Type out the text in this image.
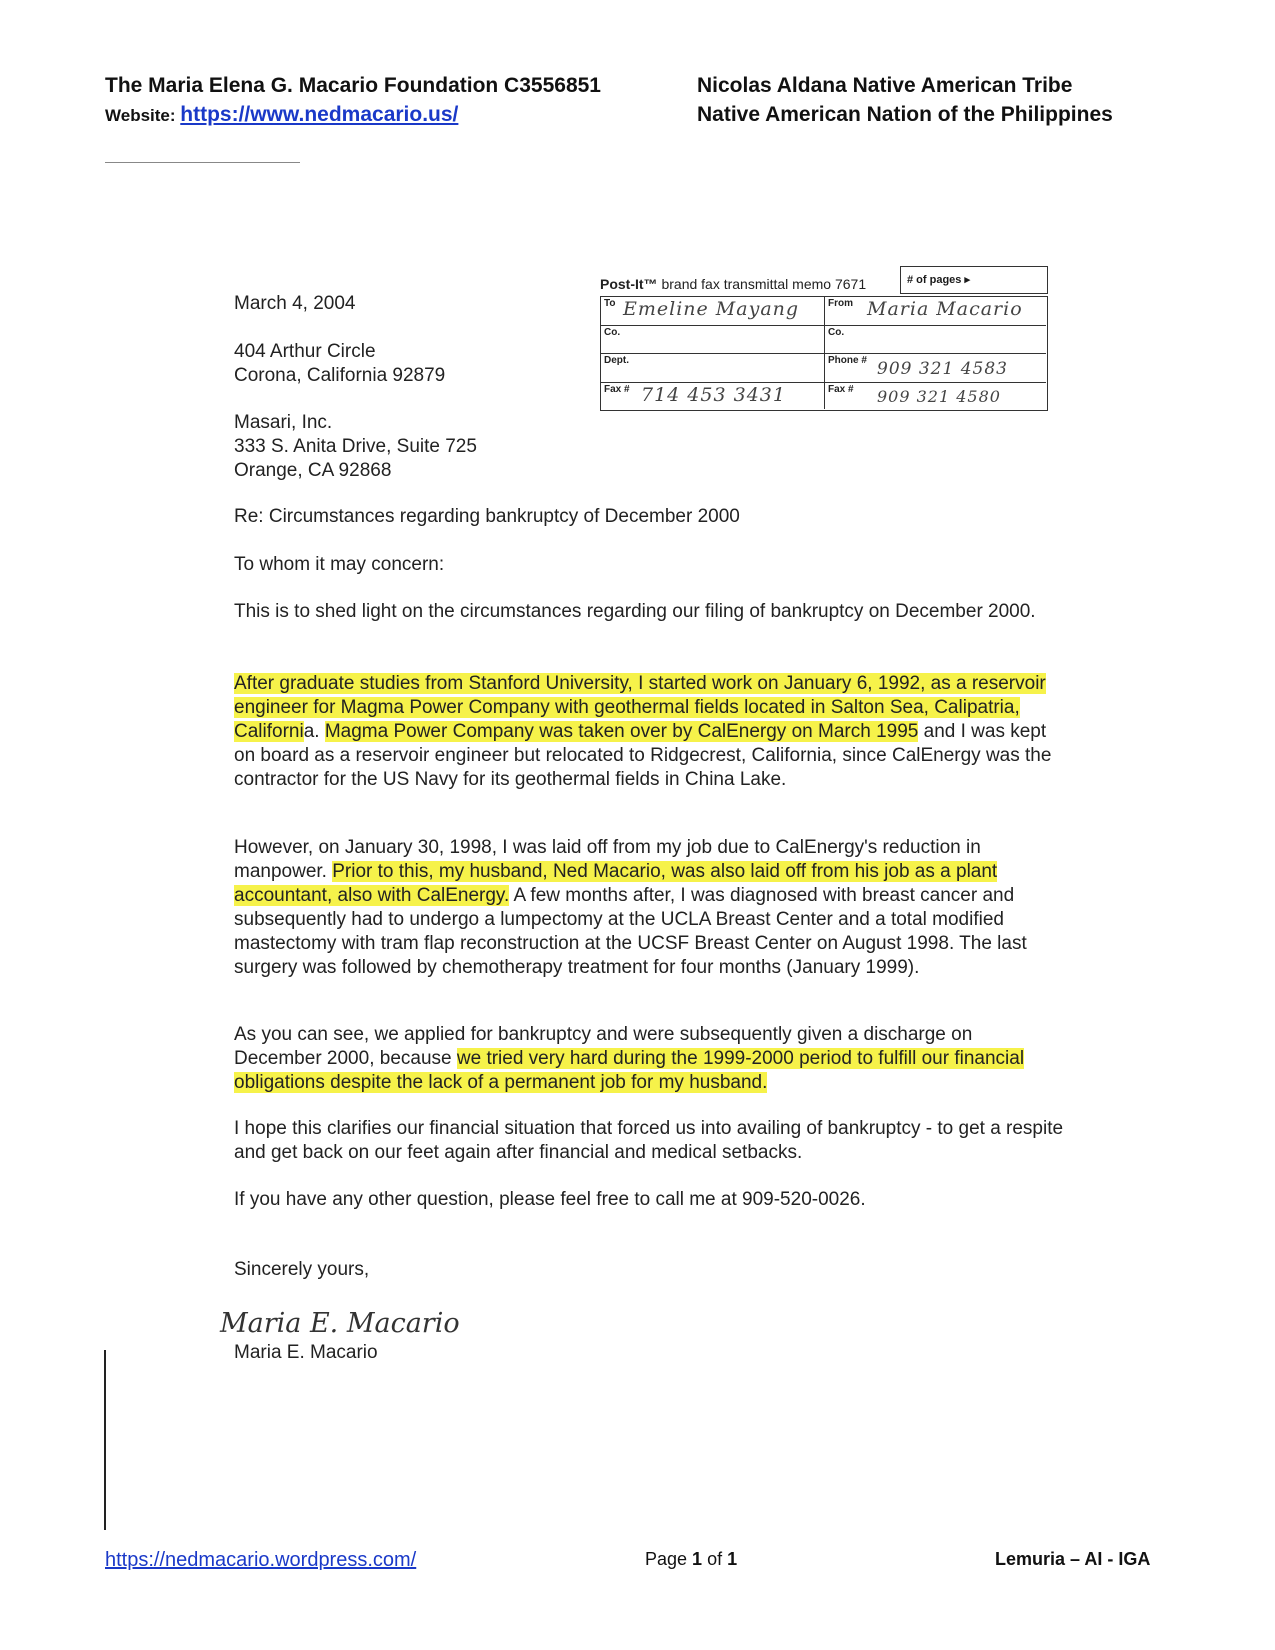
The Maria Elena G. Macario Foundation C3556851
Website: https://www.nedmacario.us/
Nicolas Aldana Native American Tribe
Native American Nation of the Philippines
Post-It™ brand fax transmittal memo 7671	# of pages ▸
To Emeline Mayang	From Maria Macario
Co.	Co.
Dept.	Phone # 909 321 4583
Fax # 714 453 3431	Fax # 909 321 4580

March 4, 2004

404 Arthur Circle

Corona, California 92879

Masari, Inc.

333 S. Anita Drive, Suite 725

Orange, CA 92868

Re: Circumstances regarding bankruptcy of December 2000

To whom it may concern:

This is to shed light on the circumstances regarding our filing of bankruptcy on December 2000.

After graduate studies from Stanford University, I started work on January 6, 1992, as a reservoir engineer for Magma Power Company with geothermal fields located in Salton Sea, Calipatria, California. Magma Power Company was taken over by CalEnergy on March 1995 and I was kept on board as a reservoir engineer but relocated to Ridgecrest, California, since CalEnergy was the contractor for the US Navy for its geothermal fields in China Lake.

However, on January 30, 1998, I was laid off from my job due to CalEnergy's reduction in manpower. Prior to this, my husband, Ned Macario, was also laid off from his job as a plant accountant, also with CalEnergy. A few months after, I was diagnosed with breast cancer and subsequently had to undergo a lumpectomy at the UCLA Breast Center and a total modified mastectomy with tram flap reconstruction at the UCSF Breast Center on August 1998. The last surgery was followed by chemotherapy treatment for four months (January 1999).

As you can see, we applied for bankruptcy and were subsequently given a discharge on December 2000, because we tried very hard during the 1999-2000 period to fulfill our financial obligations despite the lack of a permanent job for my husband.

I hope this clarifies our financial situation that forced us into availing of bankruptcy - to get a respite and get back on our feet again after financial and medical setbacks.

If you have any other question, please feel free to call me at 909-520-0026.

Sincerely yours,

Maria E. Macario

Maria E. Macario
https://nedmacario.wordpress.com/	Page 1 of 1	Lemuria – AI - IGA
